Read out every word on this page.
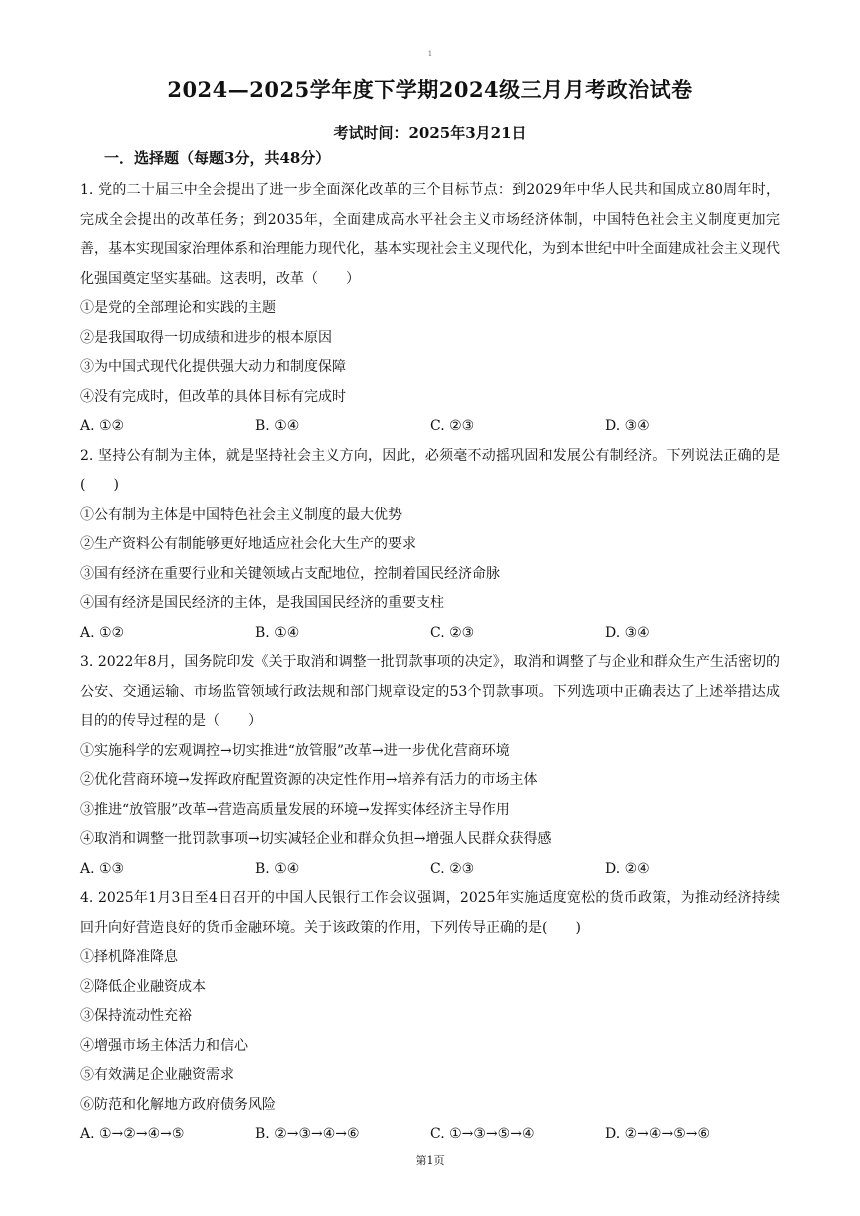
1
2024—2025学年度下学期2024级三月月考政治试卷
考试时间：2025年3月21日
一．选择题（每题3分，共48分）
1. 党的二十届三中全会提出了进一步全面深化改革的三个目标节点：到2029年中华人民共和国成立80周年时，完成全会提出的改革任务；到2035年，全面建成高水平社会主义市场经济体制，中国特色社会主义制度更加完善，基本实现国家治理体系和治理能力现代化，基本实现社会主义现代化，为到本世纪中叶全面建成社会主义现代化强国奠定坚实基础。这表明，改革（　　）
①是党的全部理论和实践的主题
②是我国取得一切成绩和进步的根本原因
③为中国式现代化提供强大动力和制度保障
④没有完成时，但改革的具体目标有完成时
A. ①②	B. ①④	C. ②③	D. ③④
2. 坚持公有制为主体，就是坚持社会主义方向，因此，必须毫不动摇巩固和发展公有制经济。下列说法正确的是(　　)
①公有制为主体是中国特色社会主义制度的最大优势
②生产资料公有制能够更好地适应社会化大生产的要求
③国有经济在重要行业和关键领域占支配地位，控制着国民经济命脉
④国有经济是国民经济的主体，是我国国民经济的重要支柱
A. ①②	B. ①④	C. ②③	D. ③④
3. 2022年8月，国务院印发《关于取消和调整一批罚款事项的决定》，取消和调整了与企业和群众生产生活密切的公安、交通运输、市场监管领域行政法规和部门规章设定的53个罚款事项。下列选项中正确表达了上述举措达成目的的传导过程的是（　　）
①实施科学的宏观调控→切实推进“放管服”改革→进一步优化营商环境
②优化营商环境→发挥政府配置资源的决定性作用→培养有活力的市场主体
③推进“放管服”改革→营造高质量发展的环境→发挥实体经济主导作用
④取消和调整一批罚款事项→切实减轻企业和群众负担→增强人民群众获得感
A. ①③	B. ①④	C. ②③	D. ②④
4. 2025年1月3日至4日召开的中国人民银行工作会议强调，2025年实施适度宽松的货币政策，为推动经济持续回升向好营造良好的货币金融环境。关于该政策的作用，下列传导正确的是(　　)
①择机降准降息
②降低企业融资成本
③保持流动性充裕
④增强市场主体活力和信心
⑤有效满足企业融资需求
⑥防范和化解地方政府债务风险
A. ①→②→④→⑤	B. ②→③→④→⑥	C. ①→③→⑤→④	D. ②→④→⑤→⑥
第1页
